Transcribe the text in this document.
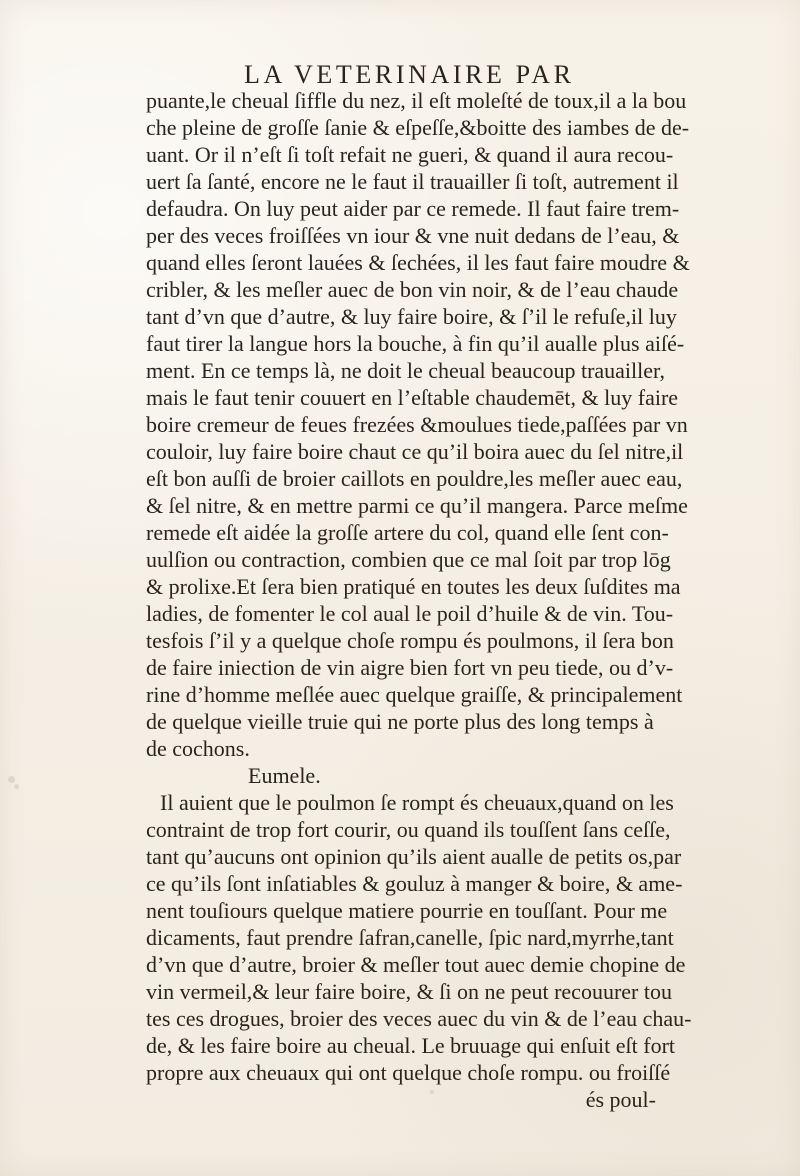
LA VETERINAIRE PAR
puante,le cheual ſiffle du nez, il eſt moleſté de toux,il a la bou
che pleine de groſſe ſanie & eſpeſſe,&boitte des iambes de de-
uant. Or il n’eſt ſi toſt refait ne gueri, & quand il aura recou-
uert ſa ſanté, encore ne le faut il trauailler ſi toſt, autrement il
defaudra. On luy peut aider par ce remede. Il faut faire trem-
per des veces froiſſées vn iour & vne nuit dedans de l’eau, &
quand elles ſeront lauées & ſechées, il les faut faire moudre &
cribler, & les meſler auec de bon vin noir, & de l’eau chaude
tant d’vn que d’autre, & luy faire boire, & ſ’il le refuſe,il luy
faut tirer la langue hors la bouche, à fin qu’il aualle plus aiſé-
ment. En ce temps là, ne doit le cheual beaucoup trauailler,
mais le faut tenir couuert en l’eſtable chaudemēt, & luy faire
boire cremeur de feues frezées &moulues tiede,paſſées par vn
couloir, luy faire boire chaut ce qu’il boira auec du ſel nitre,il
eſt bon auſſi de broier caillots en pouldre,les meſler auec eau,
& ſel nitre, & en mettre parmi ce qu’il mangera. Parce meſme
remede eſt aidée la groſſe artere du col, quand elle ſent con-
uulſion ou contraction, combien que ce mal ſoit par trop lōg
& prolixe.Et ſera bien pratiqué en toutes les deux ſuſdites ma
ladies, de fomenter le col aual le poil d’huile & de vin. Tou-
tesfois ſ’il y a quelque choſe rompu és poulmons, il ſera bon
de faire iniection de vin aigre bien fort vn peu tiede, ou d’v-
rine d’homme meſlée auec quelque graiſſe, & principalement
de quelque vieille truie qui ne porte plus des long temps à
de cochons.
Eumele.
Il auient que le poulmon ſe rompt és cheuaux,quand on les
contraint de trop fort courir, ou quand ils touſſent ſans ceſſe,
tant qu’aucuns ont opinion qu’ils aient aualle de petits os,par
ce qu’ils ſont inſatiables & gouluz à manger & boire, & ame-
nent touſiours quelque matiere pourrie en touſſant. Pour me
dicaments, faut prendre ſafran,canelle, ſpic nard,myrrhe,tant
d’vn que d’autre, broier & meſler tout auec demie chopine de
vin vermeil,& leur faire boire, & ſi on ne peut recouurer tou
tes ces drogues, broier des veces auec du vin & de l’eau chau-
de, & les faire boire au cheual. Le bruuage qui enſuit eſt fort
propre aux cheuaux qui ont quelque choſe rompu. ou froiſſé
és poul-
